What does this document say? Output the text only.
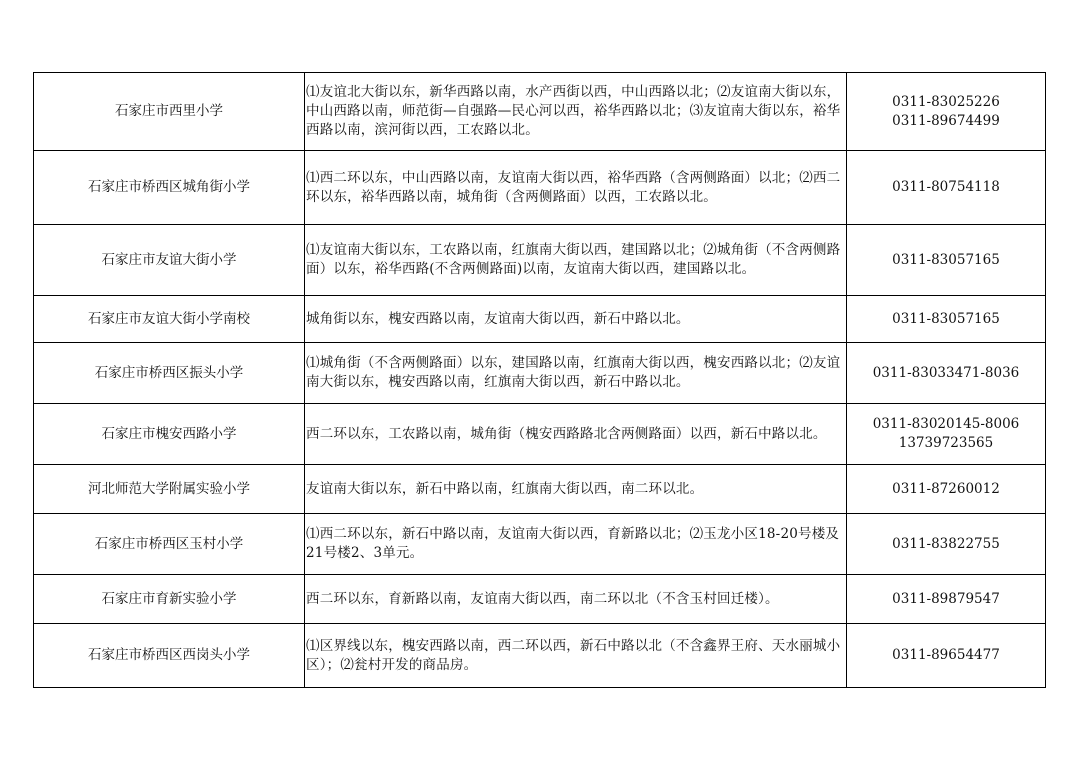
石家庄市西里小学	⑴友谊北大街以东，新华西路以南，水产西街以西，中山西路以北；⑵友谊南大街以东，中山西路以南，师范街—自强路—民心河以西，裕华西路以北；⑶友谊南大街以东，裕华西路以南，滨河街以西，工农路以北。	0311-83025226
0311-89674499

石家庄市桥西区城角街小学	⑴西二环以东，中山西路以南，友谊南大街以西，裕华西路（含两侧路面）以北；⑵西二环以东，裕华西路以南，城角街（含两侧路面）以西，工农路以北。	0311-80754118

石家庄市友谊大街小学	⑴友谊南大街以东，工农路以南，红旗南大街以西，建国路以北；⑵城角街（不含两侧路面）以东，裕华西路(不含两侧路面)以南，友谊南大街以西，建国路以北。	0311-83057165

石家庄市友谊大街小学南校	城角街以东，槐安西路以南，友谊南大街以西，新石中路以北。	0311-83057165

石家庄市桥西区振头小学	⑴城角街（不含两侧路面）以东，建国路以南，红旗南大街以西，槐安西路以北；⑵友谊南大街以东，槐安西路以南，红旗南大街以西，新石中路以北。	0311-83033471-8036

石家庄市槐安西路小学	西二环以东，工农路以南，城角街（槐安西路路北含两侧路面）以西，新石中路以北。	0311-83020145-8006
13739723565

河北师范大学附属实验小学	友谊南大街以东，新石中路以南，红旗南大街以西，南二环以北。	0311-87260012

石家庄市桥西区玉村小学	⑴西二环以东，新石中路以南，友谊南大街以西，育新路以北；⑵玉龙小区18-20号楼及21号楼2、3单元。	0311-83822755

石家庄市育新实验小学	西二环以东，育新路以南，友谊南大街以西，南二环以北（不含玉村回迁楼）。	0311-89879547

石家庄市桥西区西岗头小学	⑴区界线以东，槐安西路以南，西二环以西，新石中路以北（不含鑫界王府、天水丽城小区）；⑵瓮村开发的商品房。	0311-89654477
